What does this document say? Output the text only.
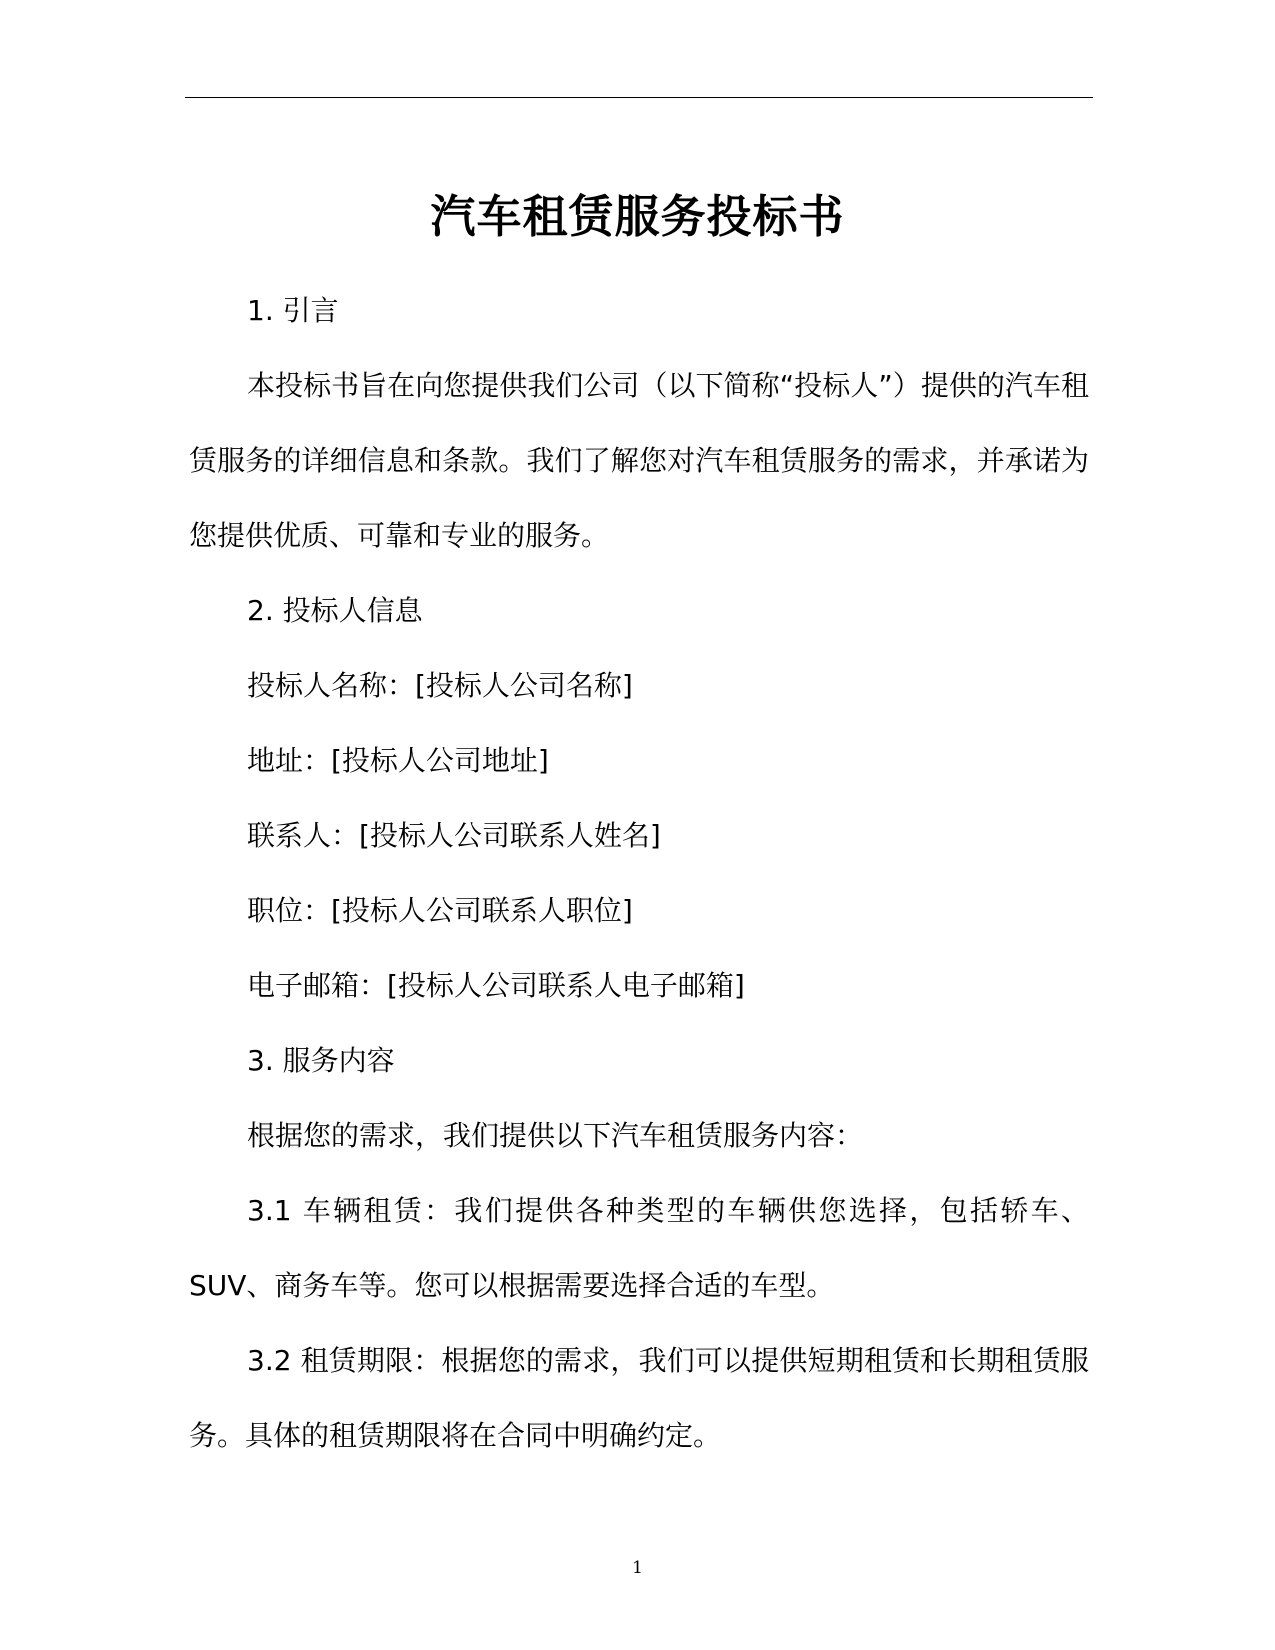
汽车租赁服务投标书

1. 引言

本投标书旨在向您提供我们公司（以下简称“投标人”）提供的汽车租赁服务的详细信息和条款。我们了解您对汽车租赁服务的需求，并承诺为您提供优质、可靠和专业的服务。

2. 投标人信息

投标人名称：[投标人公司名称]

地址：[投标人公司地址]

联系人：[投标人公司联系人姓名]

职位：[投标人公司联系人职位]

电子邮箱：[投标人公司联系人电子邮箱]

3. 服务内容

根据您的需求，我们提供以下汽车租赁服务内容：

3.1 车辆租赁：我们提供各种类型的车辆供您选择，包括轿车、SUV、商务车等。您可以根据需要选择合适的车型。

3.2 租赁期限：根据您的需求，我们可以提供短期租赁和长期租赁服务。具体的租赁期限将在合同中明确约定。

1
